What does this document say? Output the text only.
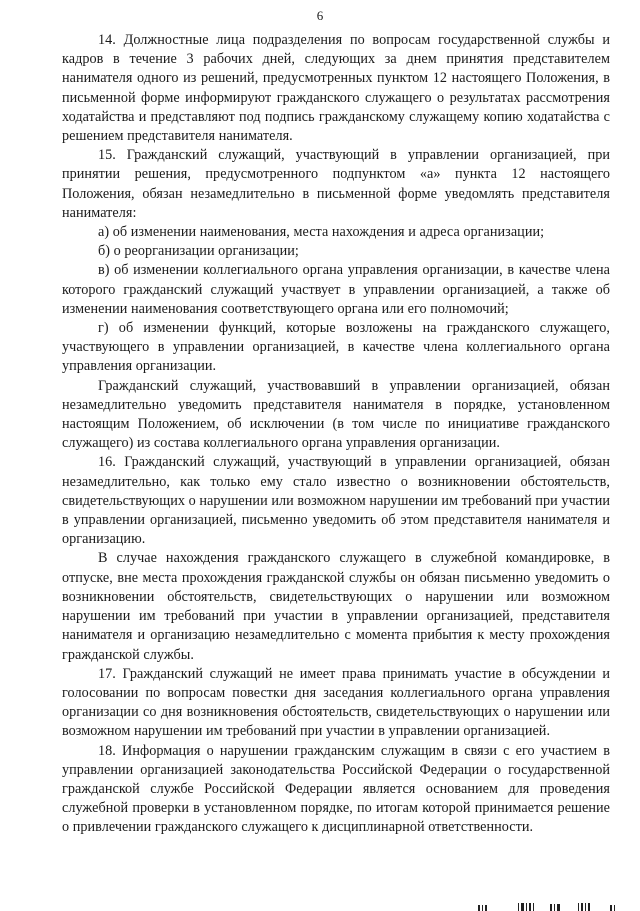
6

14. Должностные лица подразделения по вопросам государственной службы и кадров в течение 3 рабочих дней, следующих за днем принятия представителем нанимателя одного из решений, предусмотренных пунктом 12 настоящего Положения, в письменной форме информируют гражданского служащего о результатах рассмотрения ходатайства и представляют под подпись гражданскому служащему копию ходатайства с решением представителя нанимателя.

15. Гражданский служащий, участвующий в управлении организацией, при принятии решения, предусмотренного подпунктом «а» пункта 12 настоящего Положения, обязан незамедлительно в письменной форме уведомлять представителя нанимателя:

а) об изменении наименования, места нахождения и адреса организации;

б) о реорганизации организации;

в) об изменении коллегиального органа управления организации, в качестве члена которого гражданский служащий участвует в управлении организацией, а также об изменении наименования соответствующего органа или его полномочий;

г) об изменении функций, которые возложены на гражданского служащего, участвующего в управлении организацией, в качестве члена коллегиального органа управления организации.

Гражданский служащий, участвовавший в управлении организацией, обязан незамедлительно уведомить представителя нанимателя в порядке, установленном настоящим Положением, об исключении (в том числе по инициативе гражданского служащего) из состава коллегиального органа управления организации.

16. Гражданский служащий, участвующий в управлении организацией, обязан незамедлительно, как только ему стало известно о возникновении обстоятельств, свидетельствующих о нарушении или возможном нарушении им требований при участии в управлении организацией, письменно уведомить об этом представителя нанимателя и организацию.

В случае нахождения гражданского служащего в служебной командировке, в отпуске, вне места прохождения гражданской службы он обязан письменно уведомить о возникновении обстоятельств, свидетельствующих о нарушении или возможном нарушении им требований при участии в управлении организацией, представителя нанимателя и организацию незамедлительно с момента прибытия к месту прохождения гражданской службы.

17. Гражданский служащий не имеет права принимать участие в обсуждении и голосовании по вопросам повестки дня заседания коллегиального органа управления организации со дня возникновения обстоятельств, свидетельствующих о нарушении или возможном нарушении им требований при участии в управлении организацией.

18. Информация о нарушении гражданским служащим в связи с его участием в управлении организацией законодательства Российской Федерации о государственной гражданской службе Российской Федерации является основанием для проведения служебной проверки в установленном порядке, по итогам которой принимается решение о привлечении гражданского служащего к дисциплинарной ответственности.
